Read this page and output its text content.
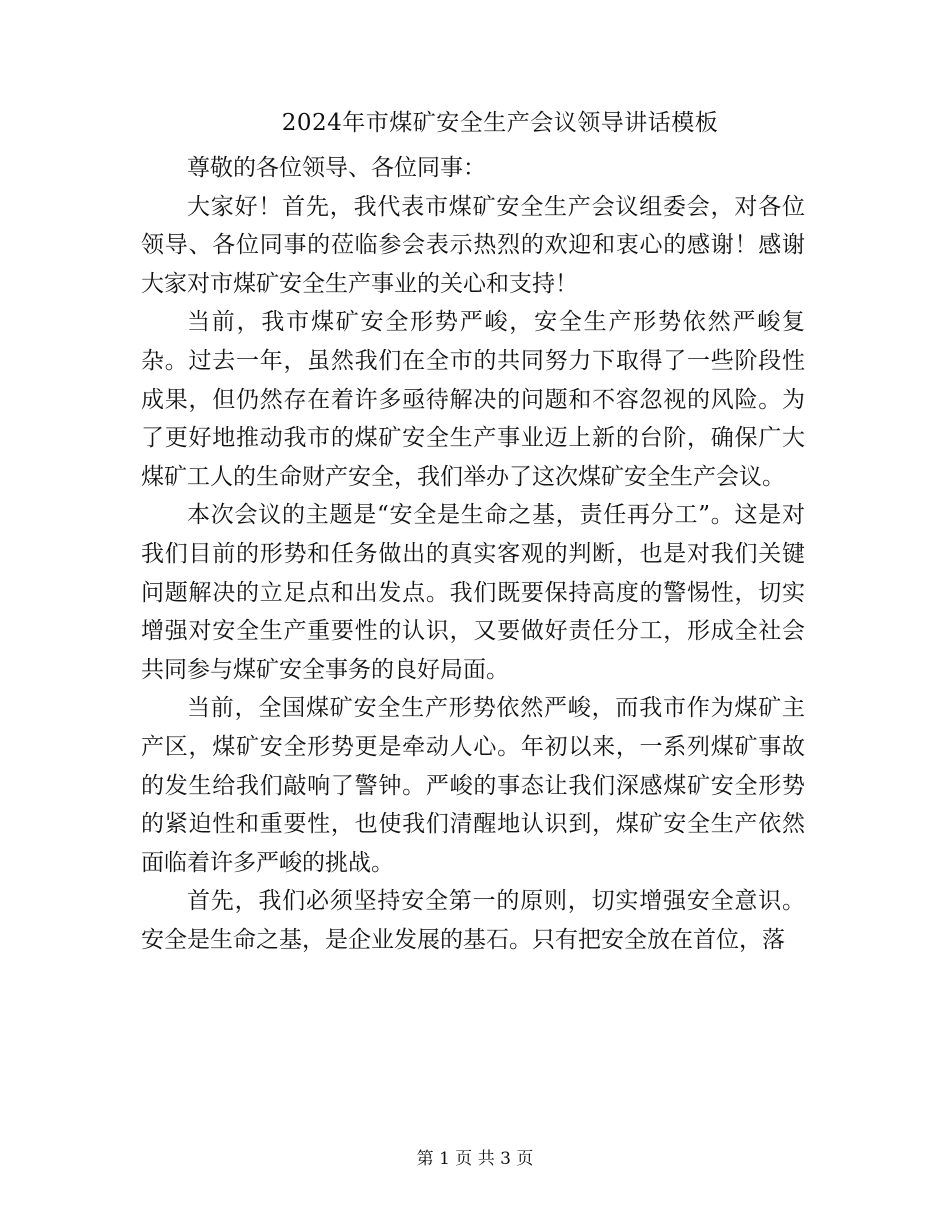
2024年市煤矿安全生产会议领导讲话模板

尊敬的各位领导、各位同事：

大家好！首先，我代表市煤矿安全生产会议组委会，对各位领导、各位同事的莅临参会表示热烈的欢迎和衷心的感谢！感谢大家对市煤矿安全生产事业的关心和支持！

当前，我市煤矿安全形势严峻，安全生产形势依然严峻复杂。过去一年，虽然我们在全市的共同努力下取得了一些阶段性成果，但仍然存在着许多亟待解决的问题和不容忽视的风险。为了更好地推动我市的煤矿安全生产事业迈上新的台阶，确保广大煤矿工人的生命财产安全，我们举办了这次煤矿安全生产会议。

本次会议的主题是“安全是生命之基，责任再分工”。这是对我们目前的形势和任务做出的真实客观的判断，也是对我们关键问题解决的立足点和出发点。我们既要保持高度的警惕性，切实增强对安全生产重要性的认识，又要做好责任分工，形成全社会共同参与煤矿安全事务的良好局面。

当前，全国煤矿安全生产形势依然严峻，而我市作为煤矿主产区，煤矿安全形势更是牵动人心。年初以来，一系列煤矿事故的发生给我们敲响了警钟。严峻的事态让我们深感煤矿安全形势的紧迫性和重要性，也使我们清醒地认识到，煤矿安全生产依然面临着许多严峻的挑战。

首先，我们必须坚持安全第一的原则，切实增强安全意识。安全是生命之基，是企业发展的基石。只有把安全放在首位，落

第 1 页 共 3 页
